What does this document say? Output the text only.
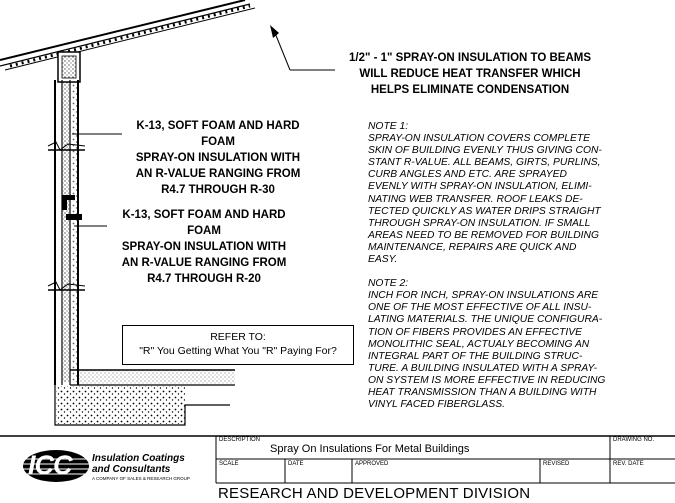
1/2" - 1" SPRAY-ON INSULATION TO BEAMS
WILL REDUCE HEAT TRANSFER WHICH
HELPS ELIMINATE CONDENSATION
K-13, SOFT FOAM AND HARD FOAM
SPRAY-ON INSULATION WITH
AN R-VALUE RANGING FROM
R4.7 THROUGH R-30
K-13, SOFT FOAM AND HARD FOAM
SPRAY-ON INSULATION WITH
AN R-VALUE RANGING FROM
R4.7 THROUGH R-20

NOTE 1:

SPRAY-ON INSULATION COVERS COMPLETE
SKIN OF BUILDING EVENLY THUS GIVING CON-
STANT R-VALUE. ALL BEAMS, GIRTS, PURLINS,
CURB ANGLES AND ETC. ARE SPRAYED
EVENLY WITH SPRAY-ON INSULATION, ELIMI-
NATING WEB TRANSFER. ROOF LEAKS DE-
TECTED QUICKLY AS WATER DRIPS STRAIGHT
THROUGH SPRAY-ON INSULATION. IF SMALL
AREAS NEED TO BE REMOVED FOR BUILDING
MAINTENANCE, REPAIRS ARE QUICK AND
EASY.

NOTE 2:

INCH FOR INCH, SPRAY-ON INSULATIONS ARE
ONE OF THE MOST EFFECTIVE OF ALL INSU-
LATING MATERIALS. THE UNIQUE CONFIGURA-
TION OF FIBERS PROVIDES AN EFFECTIVE
MONOLITHIC SEAL, ACTUALY BECOMING AN
INTEGRAL PART OF THE BUILDING STRUC-
TURE. A BUILDING INSULATED WITH A SPRAY-
ON SYSTEM IS MORE EFFECTIVE IN REDUCING
HEAT TRANSMISSION THAN A BUILDING WITH
VINYL FACED FIBERGLASS.
REFER TO:
"R" You Getting What You "R" Paying For?
DESCRIPTION
Spray On Insulations For Metal Buildings
DRAWING NO.
SCALE	DATE	APPROVED	REVISED	REV. DATE
ICC Insulation Coatings
and Consultants
A COMPANY OF SALES & RESEARCH GROUP
RESEARCH AND DEVELOPMENT DIVISION
